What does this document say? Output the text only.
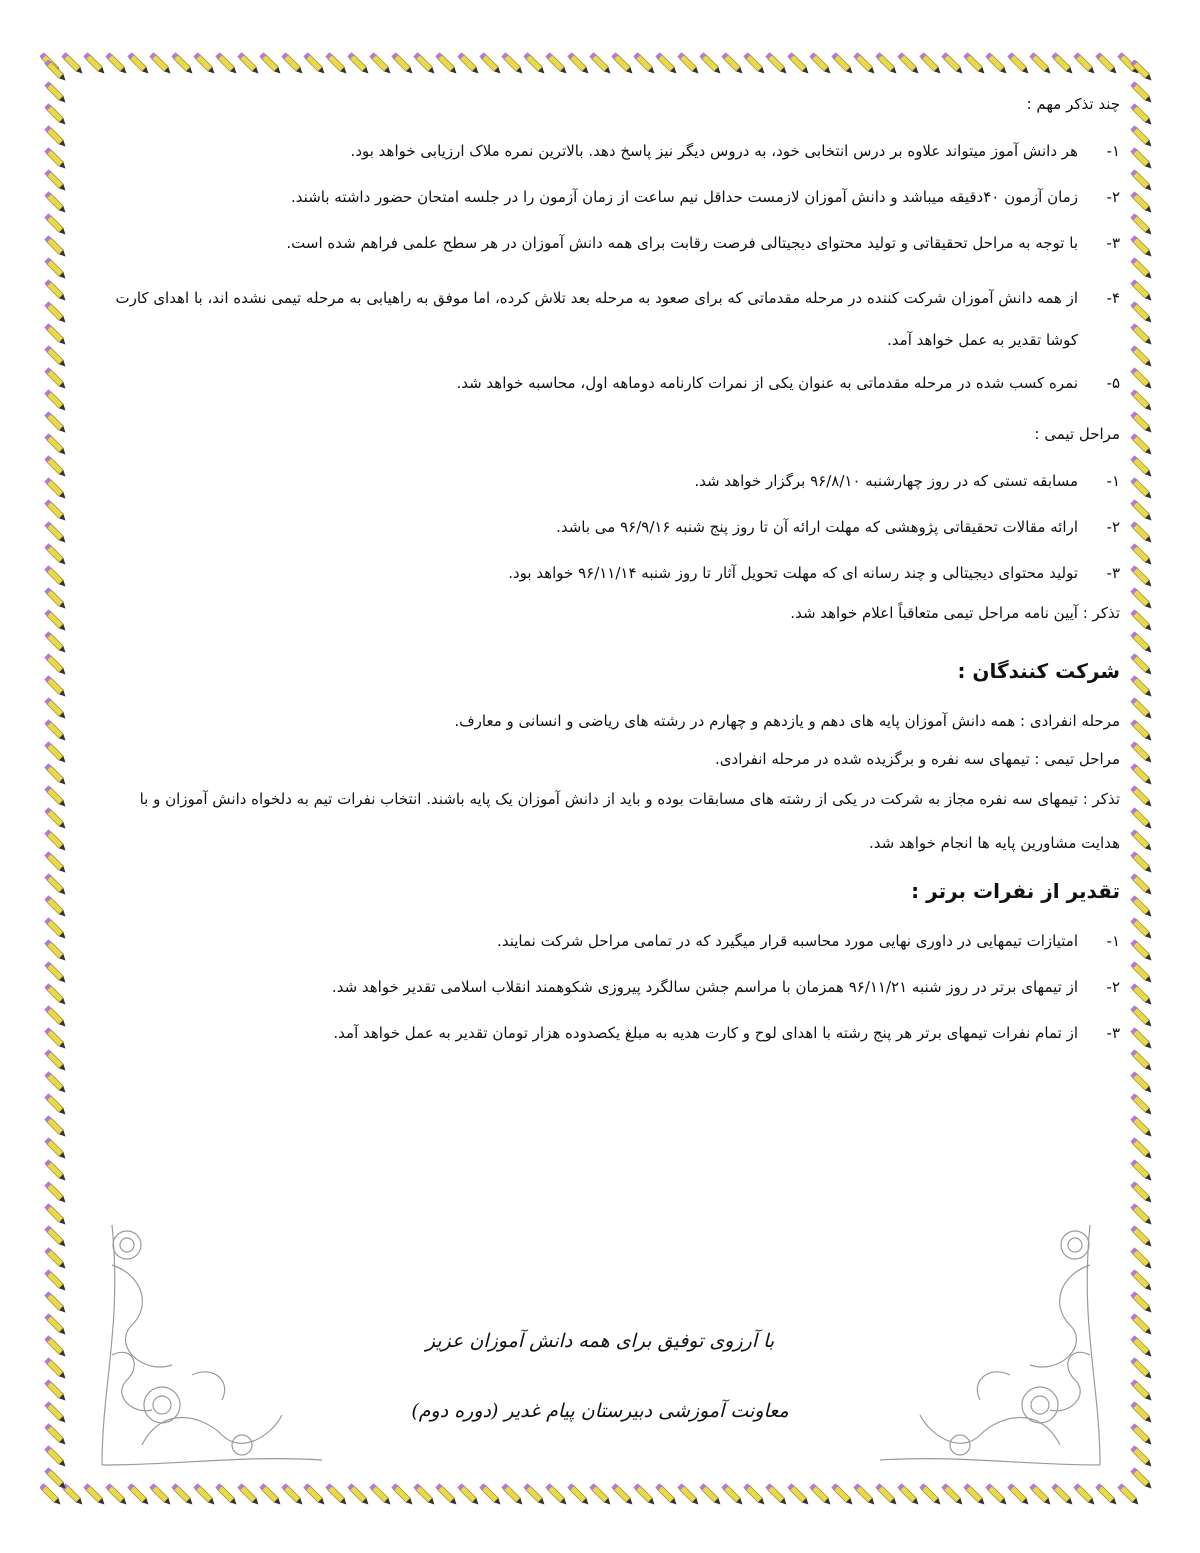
چند تذکر مهم :
۱-
هر دانش آموز میتواند علاوه بر درس انتخابی خود، به دروس دیگر نیز پاسخ دهد. بالاترین نمره ملاک ارزیابی خواهد بود.
۲-
زمان آزمون ۴۰دقیقه میباشد و دانش آموزان لازمست حداقل نیم ساعت از زمان آزمون را در جلسه امتحان حضور داشته باشند.
۳-
با توجه به مراحل تحقیقاتی و تولید محتوای دیجیتالی فرصت رقابت برای همه دانش آموزان در هر سطح علمی فراهم شده است.
۴-
از همه دانش آموزان شرکت کننده در مرحله مقدماتی که برای صعود به مرحله بعد تلاش کرده، اما موفق به راهیابی به مرحله تیمی نشده اند، با اهدای کارت کوشا تقدیر به عمل خواهد آمد.
۵-
نمره کسب شده در مرحله مقدماتی به عنوان یکی از نمرات کارنامه دوماهه اول، محاسبه خواهد شد.
مراحل تیمی :
۱-
مسابقه تستی که در روز چهارشنبه ۹۶/۸/۱۰ برگزار خواهد شد.
۲-
ارائه مقالات تحقیقاتی پژوهشی که مهلت ارائه آن تا روز پنج شنبه ۹۶/۹/۱۶ می باشد.
۳-
تولید محتوای دیجیتالی و چند رسانه ای که مهلت تحویل آثار تا روز شنبه ۹۶/۱۱/۱۴ خواهد بود.
تذکر : آیین نامه مراحل تیمی متعاقباً اعلام خواهد شد.
شرکت کنندگان :
مرحله انفرادی : همه دانش آموزان پایه های دهم و یازدهم و چهارم در رشته های ریاضی و انسانی و معارف.
مراحل تیمی : تیمهای سه نفره و برگزیده شده در مرحله انفرادی.
تذکر : تیمهای سه نفره مجاز به شرکت در یکی از رشته های مسابقات بوده و باید از دانش آموزان یک پایه باشند. انتخاب نفرات تیم به دلخواه دانش آموزان و با هدایت مشاورین پایه ها انجام خواهد شد.
تقدیر از نفرات برتر :
۱-
امتیازات تیمهایی در داوری نهایی مورد محاسبه قرار میگیرد که در تمامی مراحل شرکت نمایند.
۲-
از تیمهای برتر در روز شنبه ۹۶/۱۱/۲۱ همزمان با مراسم جشن سالگرد پیروزی شکوهمند انقلاب اسلامی تقدیر خواهد شد.
۳-
از تمام نفرات تیمهای برتر هر پنج رشته با اهدای لوح و کارت هدیه به مبلغ یکصدوده هزار تومان تقدیر به عمل خواهد آمد.
با آرزوی توفیق برای همه دانش آموزان عزیز
معاونت آموزشی دبیرستان پیام غدیر (دوره دوم)
